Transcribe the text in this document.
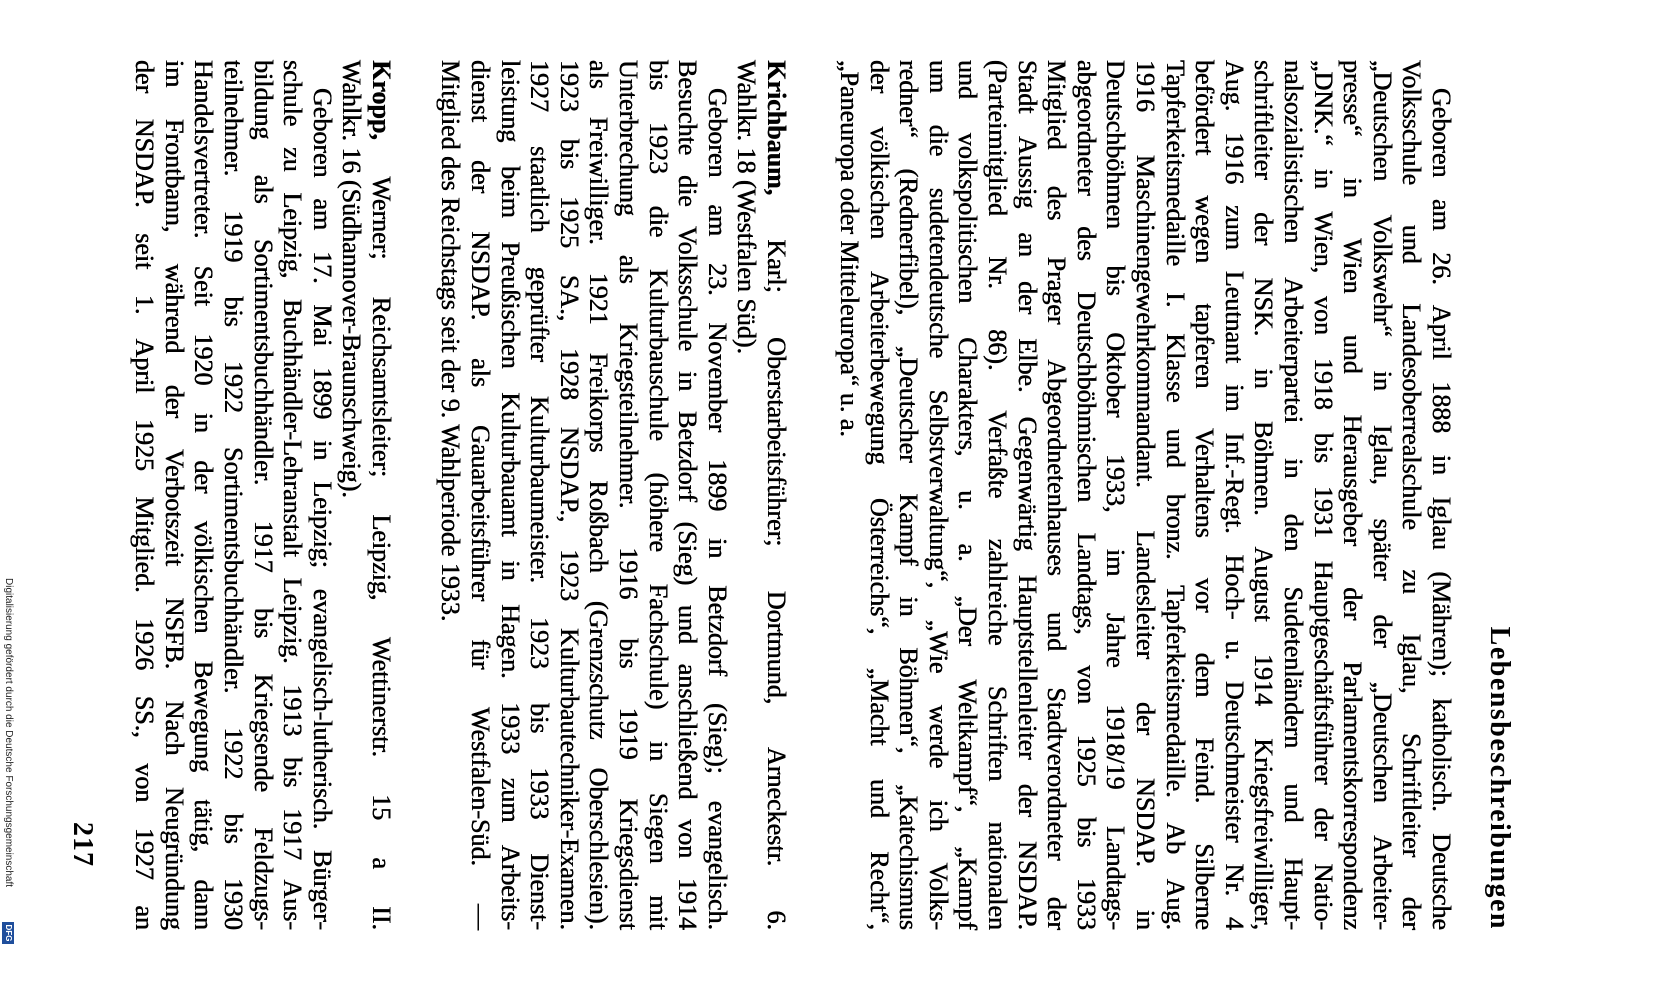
Lebensbeschreibungen
Geboren am 26. April 1888 in Iglau (Mähren); katholisch. Deutsche
Volksschule und Landesoberrealschule zu Iglau, Schriftleiter der
„Deutschen Volkswehr“ in Iglau, später der „Deutschen Arbeiter-
presse“ in Wien und Herausgeber der Parlamentskorrespondenz
„DNK.“ in Wien, von 1918 bis 1931 Hauptgeschäftsführer der Natio-
nalsozialistischen Arbeiterpartei in den Sudetenländern und Haupt-
schriftleiter der NSK. in Böhmen. August 1914 Kriegsfreiwilliger,
Aug. 1916 zum Leutnant im Inf.-Regt. Hoch- u. Deutschmeister Nr. 4
befördert wegen tapferen Verhaltens vor dem Feind. Silberne
Tapferkeitsmedaille I. Klasse und bronz. Tapferkeitsmedaille. Ab Aug.
1916 Maschinengewehrkommandant. Landesleiter der NSDAP. in
Deutschböhmen bis Oktober 1933, im Jahre 1918/19 Landtags-
abgeordneter des Deutschböhmischen Landtags, von 1925 bis 1933
Mitglied des Prager Abgeordnetenhauses und Stadtverordneter der
Stadt Aussig an der Elbe. Gegenwärtig Hauptstellenleiter der NSDAP.
(Parteimitglied Nr. 86). Verfaßte zahlreiche Schriften nationalen
und volkspolitischen Charakters, u. a. „Der Weltkampf“, „Kampf
um die sudetendeutsche Selbstverwaltung“, „Wie werde ich Volks-
redner“ (Rednerfibel), „Deutscher Kampf in Böhmen“, „Katechismus
der völkischen Arbeiterbewegung Österreichs“, „Macht und Recht“,
„Paneuropa oder Mitteleuropa“ u. a.
Krichbaum, Karl; Oberstarbeitsführer; Dortmund, Arneckestr. 6.
Wahlkr. 18 (Westfalen Süd).
Geboren am 23. November 1899 in Betzdorf (Sieg); evangelisch.
Besuchte die Volksschule in Betzdorf (Sieg) und anschließend von 1914
bis 1923 die Kulturbauschule (höhere Fachschule) in Siegen mit
Unterbrechung als Kriegsteilnehmer. 1916 bis 1919 Kriegsdienst
als Freiwilliger. 1921 Freikorps Roßbach (Grenzschutz Oberschlesien).
1923 bis 1925 SA., 1928 NSDAP., 1923 Kulturbautechniker-Examen.
1927 staatlich geprüfter Kulturbaumeister. 1923 bis 1933 Dienst-
leistung beim Preußischen Kulturbauamt in Hagen. 1933 zum Arbeits-
dienst der NSDAP. als Gauarbeitsführer für Westfalen-Süd. —
Mitglied des Reichstags seit der 9. Wahlperiode 1933.
Kropp, Werner; Reichsamtsleiter; Leipzig, Wettinerstr. 15 a II.
Wahlkr. 16 (Südhannover-Braunschweig).
Geboren am 17. Mai 1899 in Leipzig; evangelisch-lutherisch. Bürger-
schule zu Leipzig, Buchhändler-Lehranstalt Leipzig. 1913 bis 1917 Aus-
bildung als Sortimentsbuchhändler. 1917 bis Kriegsende Feldzugs-
teilnehmer. 1919 bis 1922 Sortimentsbuchhändler. 1922 bis 1930
Handelsvertreter. Seit 1920 in der völkischen Bewegung tätig, dann
im Frontbann, während der Verbotszeit NSFB. Nach Neugründung
der NSDAP. seit 1. April 1925 Mitglied. 1926 SS., von 1927 an
217
Digitalisierung gefördert durch die Deutsche Forschungsgemeinschaft
DFG
